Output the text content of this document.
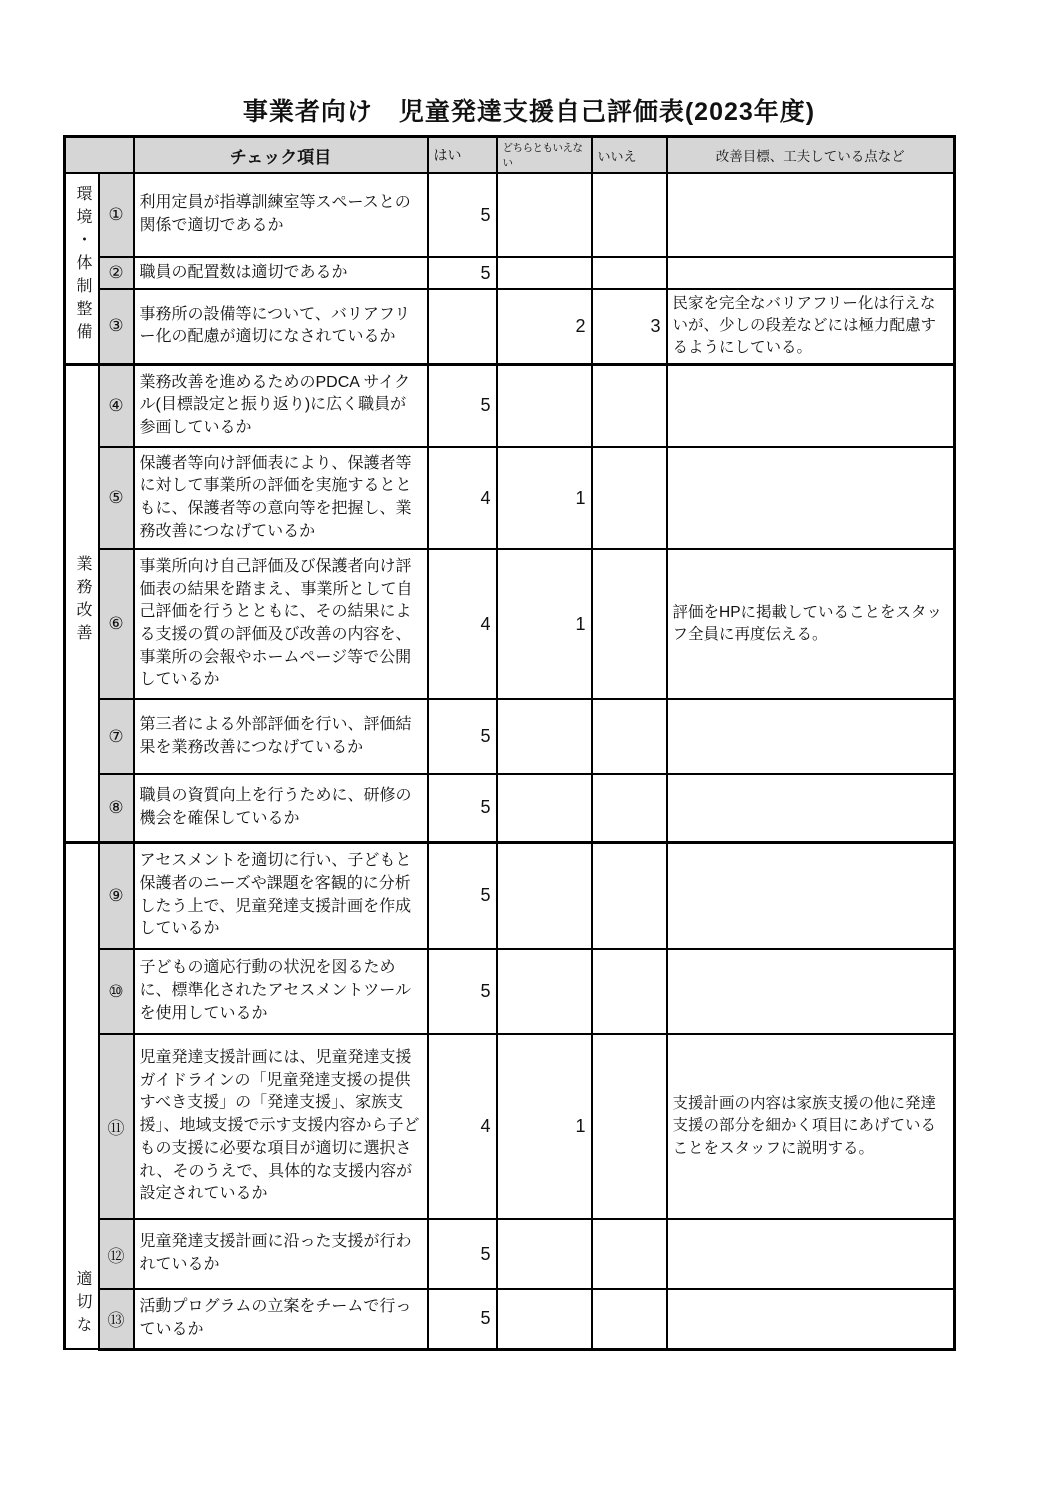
事業者向け　児童発達支援自己評価表(2023年度)
		チェック項目	はい	どちらともいえない	いいえ	改善目標、工夫している点など
環境・体制整備	①	利用定員が指導訓練室等スペースとの関係で適切であるか	5			
	②	職員の配置数は適切であるか	5			
	③	事務所の設備等について、バリアフリー化の配慮が適切になされているか		2	3	民家を完全なバリアフリー化は行えないが、少しの段差などには極力配慮するようにしている。
業務改善	④	業務改善を進めるためのPDCA サイクル(目標設定と振り返り)に広く職員が参画しているか	5			
	⑤	保護者等向け評価表により、保護者等に対して事業所の評価を実施するとともに、保護者等の意向等を把握し、業務改善につなげているか	4	1		
	⑥	事業所向け自己評価及び保護者向け評価表の結果を踏まえ、事業所として自己評価を行うとともに、その結果による支援の質の評価及び改善の内容を、事業所の会報やホームページ等で公開しているか	4	1		評価をHPに掲載していることをスタッフ全員に再度伝える。
	⑦	第三者による外部評価を行い、評価結果を業務改善につなげているか	5			
	⑧	職員の資質向上を行うために、研修の機会を確保しているか	5			
適切な	⑨	アセスメントを適切に行い、子どもと保護者のニーズや課題を客観的に分析したう上で、児童発達支援計画を作成しているか	5			
	⑩	子どもの適応行動の状況を図るために、標準化されたアセスメントツールを使用しているか	5			
	⑪	児童発達支援計画には、児童発達支援ガイドラインの「児童発達支援の提供すべき支援」の「発達支援」、家族支援」、地域支援で示す支援内容から子どもの支援に必要な項目が適切に選択され、そのうえで、具体的な支援内容が設定されているか	4	1		支援計画の内容は家族支援の他に発達支援の部分を細かく項目にあげていることをスタッフに説明する。
	⑫	児童発達支援計画に沿った支援が行われているか	5			
	⑬	活動プログラムの立案をチームで行っているか	5			
